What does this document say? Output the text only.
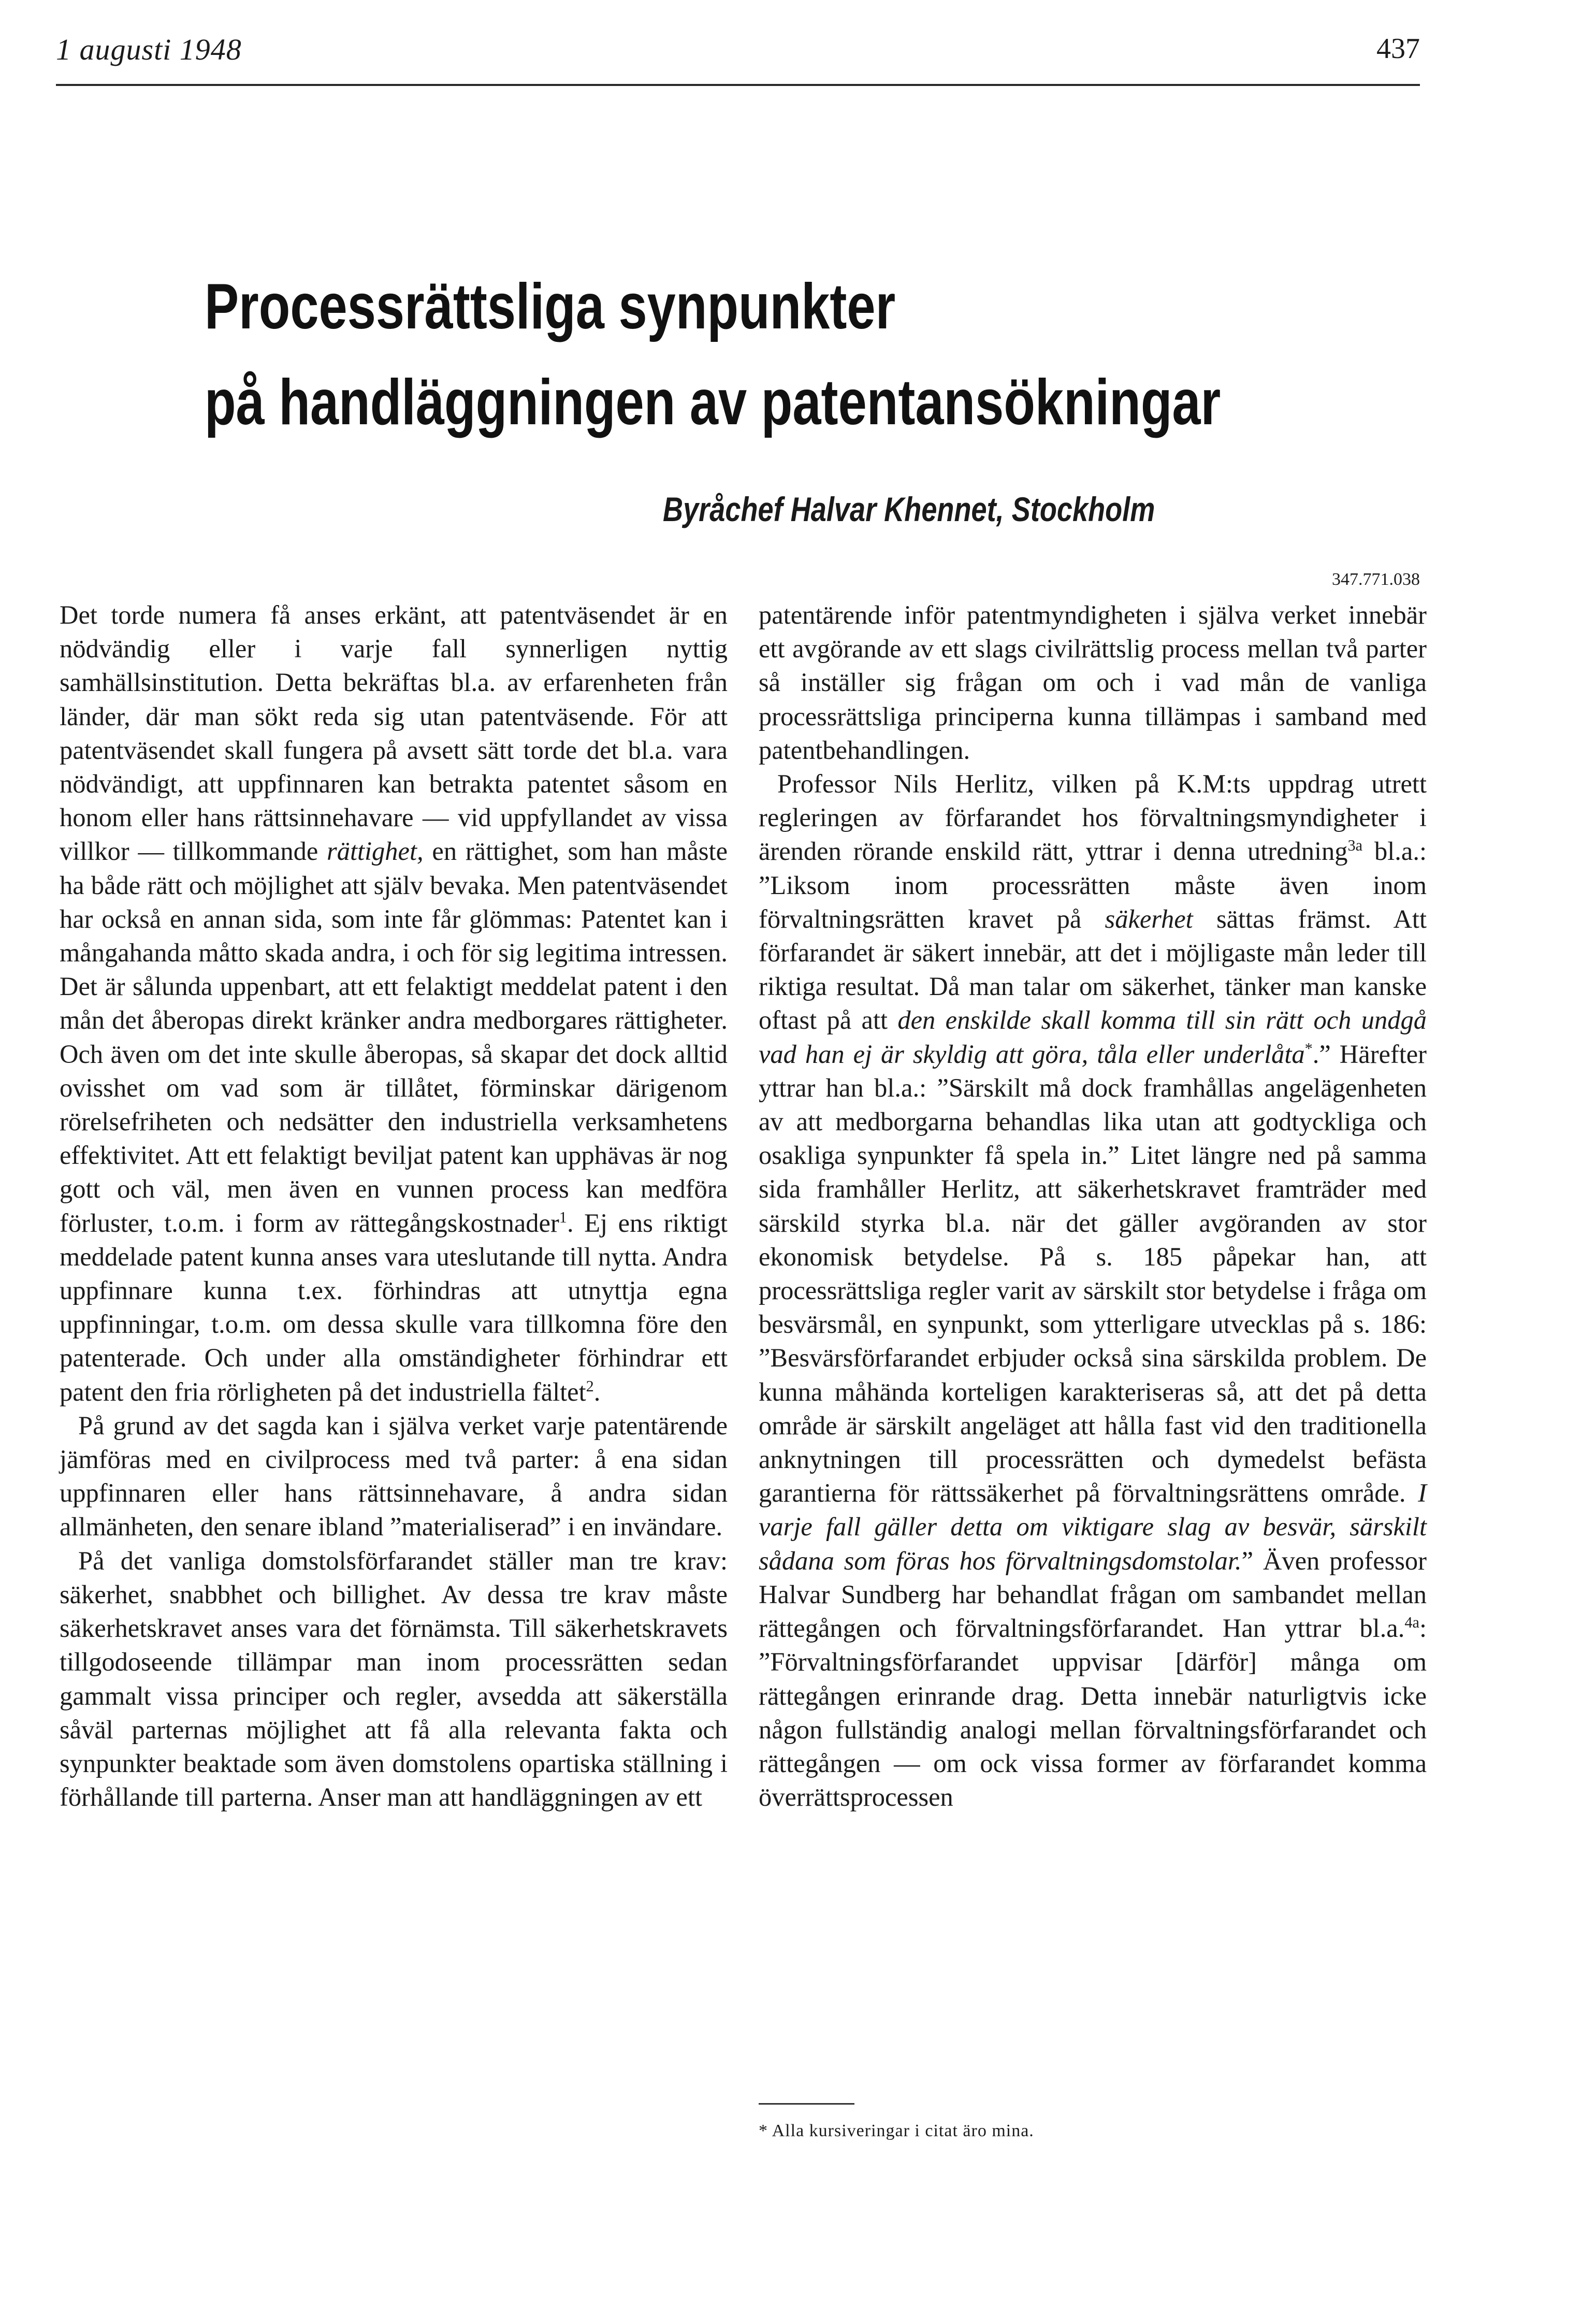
1 augusti 1948	437
Processrättsliga synpunkter
på handläggningen av patentansökningar
Byråchef Halvar Khennet, Stockholm
347.771.038

Det torde numera få anses erkänt, att patentväsendet är en nödvändig eller i varje fall synnerligen nyttig samhällsinstitution. Detta bekräftas bl.a. av erfarenheten från länder, där man sökt reda sig utan patentväsende. För att patentväsendet skall fungera på avsett sätt torde det bl.a. vara nödvändigt, att uppfinnaren kan betrakta patentet såsom en honom eller hans rättsinnehavare — vid uppfyllandet av vissa villkor — tillkommande rättighet, en rättighet, som han måste ha både rätt och möjlighet att själv bevaka. Men patentväsendet har också en annan sida, som inte får glömmas: Patentet kan i mångahanda måtto skada andra, i och för sig legitima intressen. Det är sålunda uppenbart, att ett felaktigt meddelat patent i den mån det åberopas direkt kränker andra medborgares rättigheter. Och även om det inte skulle åberopas, så skapar det dock alltid ovisshet om vad som är tillåtet, förminskar därigenom rörelsefriheten och nedsätter den industriella verksamhetens effektivitet. Att ett felaktigt beviljat patent kan upphävas är nog gott och väl, men även en vunnen process kan medföra förluster, t.o.m. i form av rättegångskostnader$^1$. Ej ens riktigt meddelade patent kunna anses vara uteslutande till nytta. Andra uppfinnare kunna t.ex. förhindras att utnyttja egna uppfinningar, t.o.m. om dessa skulle vara tillkomna före den patenterade. Och under alla omständigheter förhindrar ett patent den fria rörligheten på det industriella fältet$^2$.

På grund av det sagda kan i själva verket varje patentärende jämföras med en civilprocess med två parter: å ena sidan uppfinnaren eller hans rättsinnehavare, å andra sidan allmänheten, den senare ibland ”materialiserad” i en invändare.

På det vanliga domstolsförfarandet ställer man tre krav: säkerhet, snabbhet och billighet. Av dessa tre krav måste säkerhetskravet anses vara det förnämsta. Till säkerhetskravets tillgodoseende tillämpar man inom processrätten sedan gammalt vissa principer och regler, avsedda att säkerställa såväl parternas möjlighet att få alla relevanta fakta och synpunkter beaktade som även domstolens opartiska ställning i förhållande till parterna. Anser man att handläggningen av ett

patentärende inför patentmyndigheten i själva verket innebär ett avgörande av ett slags civilrättslig process mellan två parter så inställer sig frågan om och i vad mån de vanliga processrättsliga principerna kunna tillämpas i samband med patentbehandlingen.

Professor Nils Herlitz, vilken på K.M:ts uppdrag utrett regleringen av förfarandet hos förvaltningsmyndigheter i ärenden rörande enskild rätt, yttrar i denna utredning$^{3a}$ bl.a.: ”Liksom inom processrätten måste även inom förvaltningsrätten kravet på säkerhet sättas främst. Att förfarandet är säkert innebär, att det i möjligaste mån leder till riktiga resultat. Då man talar om säkerhet, tänker man kanske oftast på att den enskilde skall komma till sin rätt och undgå vad han ej är skyldig att göra, tåla eller underlåta*.” Härefter yttrar han bl.a.: ”Särskilt må dock framhållas angelägenheten av att medborgarna behandlas lika utan att godtyckliga och osakliga synpunkter få spela in.” Litet längre ned på samma sida framhåller Herlitz, att säkerhetskravet framträder med särskild styrka bl.a. när det gäller avgöranden av stor ekonomisk betydelse. På s. 185 påpekar han, att processrättsliga regler varit av särskilt stor betydelse i fråga om besvärsmål, en synpunkt, som ytterligare utvecklas på s. 186: ”Besvärsförfarandet erbjuder också sina särskilda problem. De kunna måhända korteligen karakteriseras så, att det på detta område är särskilt angeläget att hålla fast vid den traditionella anknytningen till processrätten och dymedelst befästa garantierna för rättssäkerhet på förvaltningsrättens område. I varje fall gäller detta om viktigare slag av besvär, särskilt sådana som föras hos förvaltningsdomstolar.” Även professor Halvar Sundberg har behandlat frågan om sambandet mellan rättegången och förvaltningsförfarandet. Han yttrar bl.a.$^{4a}$: ”Förvaltningsförfarandet uppvisar [därför] många om rättegången erinrande drag. Detta innebär naturligtvis icke någon fullständig analogi mellan förvaltningsförfarandet och rättegången — om ock vissa former av förfarandet komma överrättsprocessen

* Alla kursiveringar i citat äro mina.
